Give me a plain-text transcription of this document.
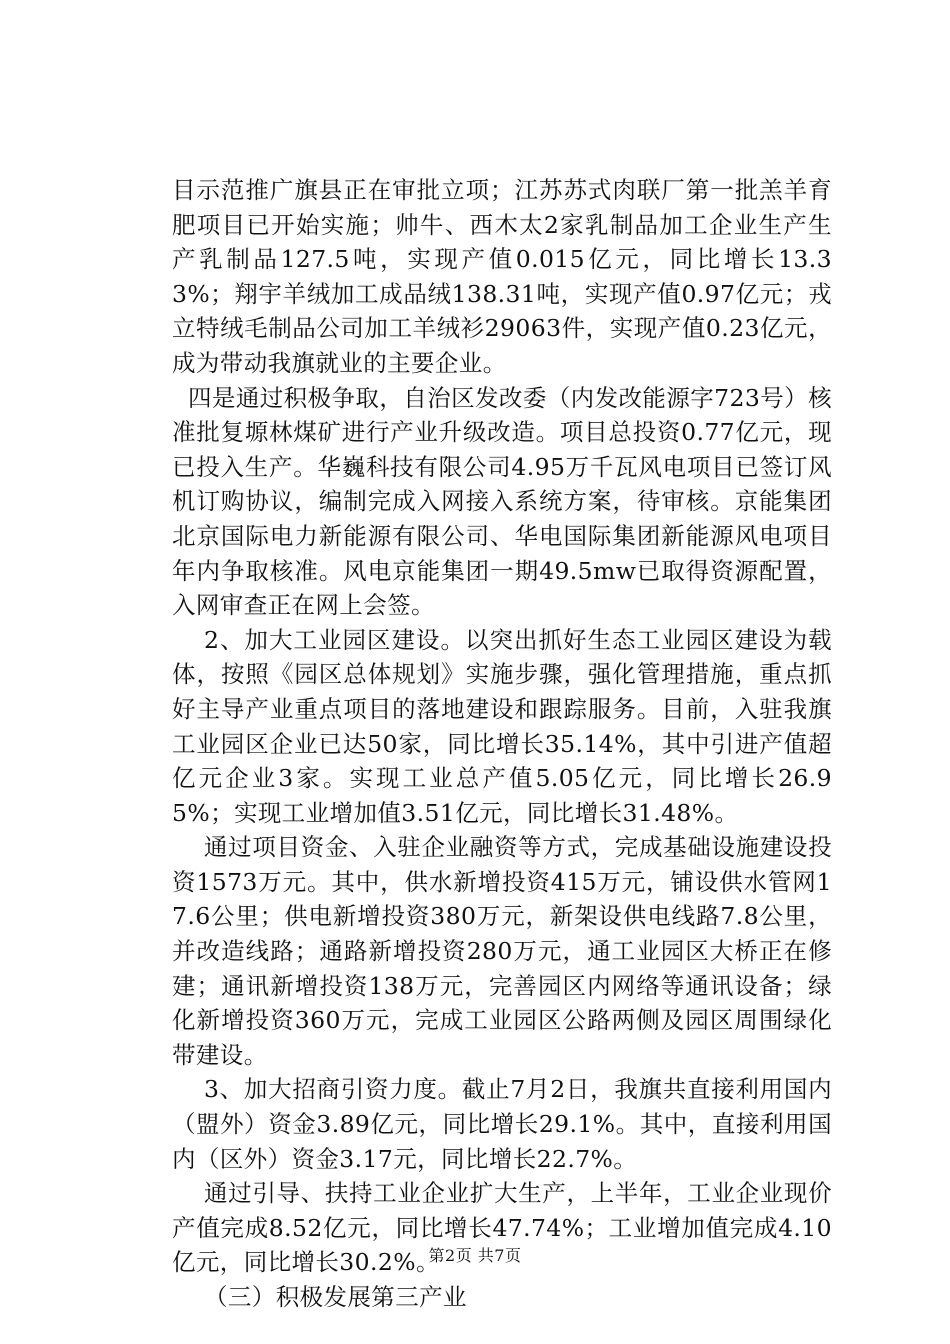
目示范推广旗县正在审批立项；江苏苏式肉联厂第一批羔羊育肥项目已开始实施；帅牛、西木太2家乳制品加工企业生产生产乳制品127.5吨，实现产值0.015亿元，同比增长13.33%；翔宇羊绒加工成品绒138.31吨，实现产值0.97亿元；戎立特绒毛制品公司加工羊绒衫29063件，实现产值0.23亿元，成为带动我旗就业的主要企业。

四是通过积极争取，自治区发改委（内发改能源字723号）核准批复塬林煤矿进行产业升级改造。项目总投资0.77亿元，现已投入生产。华巍科技有限公司4.95万千瓦风电项目已签订风机订购协议，编制完成入网接入系统方案，待审核。京能集团北京国际电力新能源有限公司、华电国际集团新能源风电项目年内争取核准。风电京能集团一期49.5mw已取得资源配置，入网审查正在网上会签。

2、加大工业园区建设。以突出抓好生态工业园区建设为载体，按照《园区总体规划》实施步骤，强化管理措施，重点抓好主导产业重点项目的落地建设和跟踪服务。目前，入驻我旗工业园区企业已达50家，同比增长35.14%，其中引进产值超亿元企业3家。实现工业总产值5.05亿元，同比增长26.95%；实现工业增加值3.51亿元，同比增长31.48%。

通过项目资金、入驻企业融资等方式，完成基础设施建设投资1573万元。其中，供水新增投资415万元，铺设供水管网17.6公里；供电新增投资380万元，新架设供电线路7.8公里，并改造线路；通路新增投资280万元，通工业园区大桥正在修建；通讯新增投资138万元，完善园区内网络等通讯设备；绿化新增投资360万元，完成工业园区公路两侧及园区周围绿化带建设。

3、加大招商引资力度。截止7月2日，我旗共直接利用国内（盟外）资金3.89亿元，同比增长29.1%。其中，直接利用国内（区外）资金3.17元，同比增长22.7%。

通过引导、扶持工业企业扩大生产，上半年，工业企业现价产值完成8.52亿元，同比增长47.74%；工业增加值完成4.10亿元，同比增长30.2%。

（三）积极发展第三产业

第2页 共7页
